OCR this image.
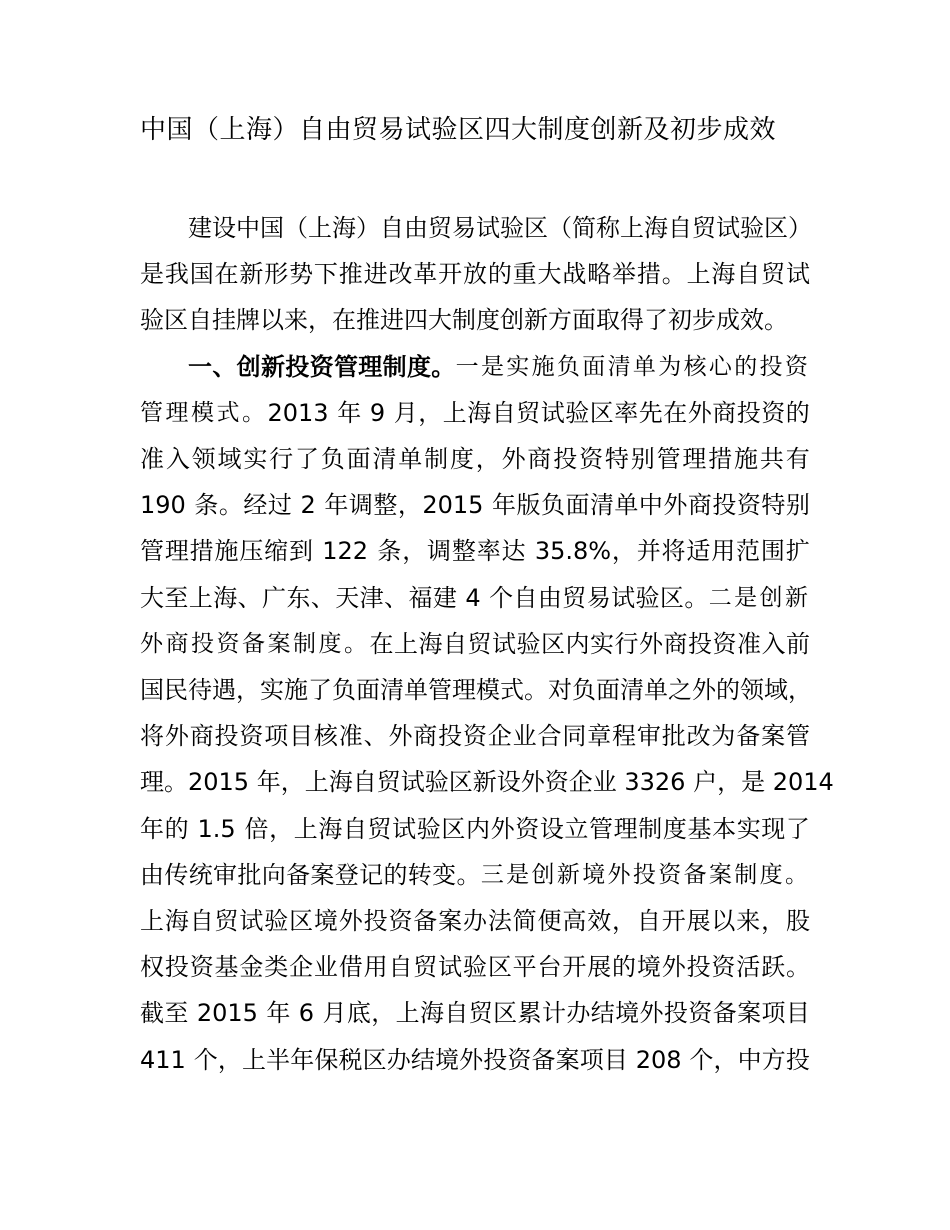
中国（上海）自由贸易试验区四大制度创新及初步成效
建 设 中 国 （ 上 海 ） 自 由 贸 易 试 验 区 （ 简 称 上 海 自 贸 试 验 区 ）
是 我 国 在 新 形 势 下 推 进 改 革 开 放 的 重 大 战 略 举 措 。 上 海 自 贸 试
验 区 自 挂 牌 以 来 ， 在 推 进 四 大 制 度 创 新 方 面 取 得 了 初 步 成 效 。
一 、 创 新 投 资 管 理 制 度 。 一 是 实 施 负 面 清 单 为 核 心 的 投 资
管 理 模 式 。 2013
年
9
月 ， 上 海 自 贸 试 验 区 率 先 在 外 商 投 资 的
准 入 领 域 实 行 了 负 面 清 单 制 度 ， 外 商 投 资 特 别 管 理 措 施 共 有
190
条 。 经 过
2
年 调 整 ， 2015
年 版 负 面 清 单 中 外 商 投 资 特 别
管 理 措 施 压 缩 到
122
条 ， 调 整 率 达
35.8% ， 并 将 适 用 范 围 扩
大 至 上 海 、 广 东 、 天 津 、 福 建
4
个 自 由 贸 易 试 验 区 。 二 是 创 新
外 商 投 资 备 案 制 度 。 在 上 海 自 贸 试 验 区 内 实 行 外 商 投 资 准 入 前
国 民 待 遇 ， 实 施 了 负 面 清 单 管 理 模 式 。 对 负 面 清 单 之 外 的 领 域 ，
将 外 商 投 资 项 目 核 准 、 外 商 投 资 企 业 合 同 章 程 审 批 改 为 备 案 管
理 。 2015
年 ， 上 海 自 贸 试 验 区 新 设 外 资 企 业
3326
户 ， 是
2014
年 的
1.5
倍 ， 上 海 自 贸 试 验 区 内 外 资 设 立 管 理 制 度 基 本 实 现 了
由 传 统 审 批 向 备 案 登 记 的 转 变 。 三 是 创 新 境 外 投 资 备 案 制 度 。
上 海 自 贸 试 验 区 境 外 投 资 备 案 办 法 简 便 高 效 ， 自 开 展 以 来 ， 股
权 投 资 基 金 类 企 业 借 用 自 贸 试 验 区 平 台 开 展 的 境 外 投 资 活 跃 。
截 至
2015
年
6
月 底 ， 上 海 自 贸 区 累 计 办 结 境 外 投 资 备 案 项 目
411
个 ， 上 半 年 保 税 区 办 结 境 外 投 资 备 案 项 目
208
个 ， 中 方 投
